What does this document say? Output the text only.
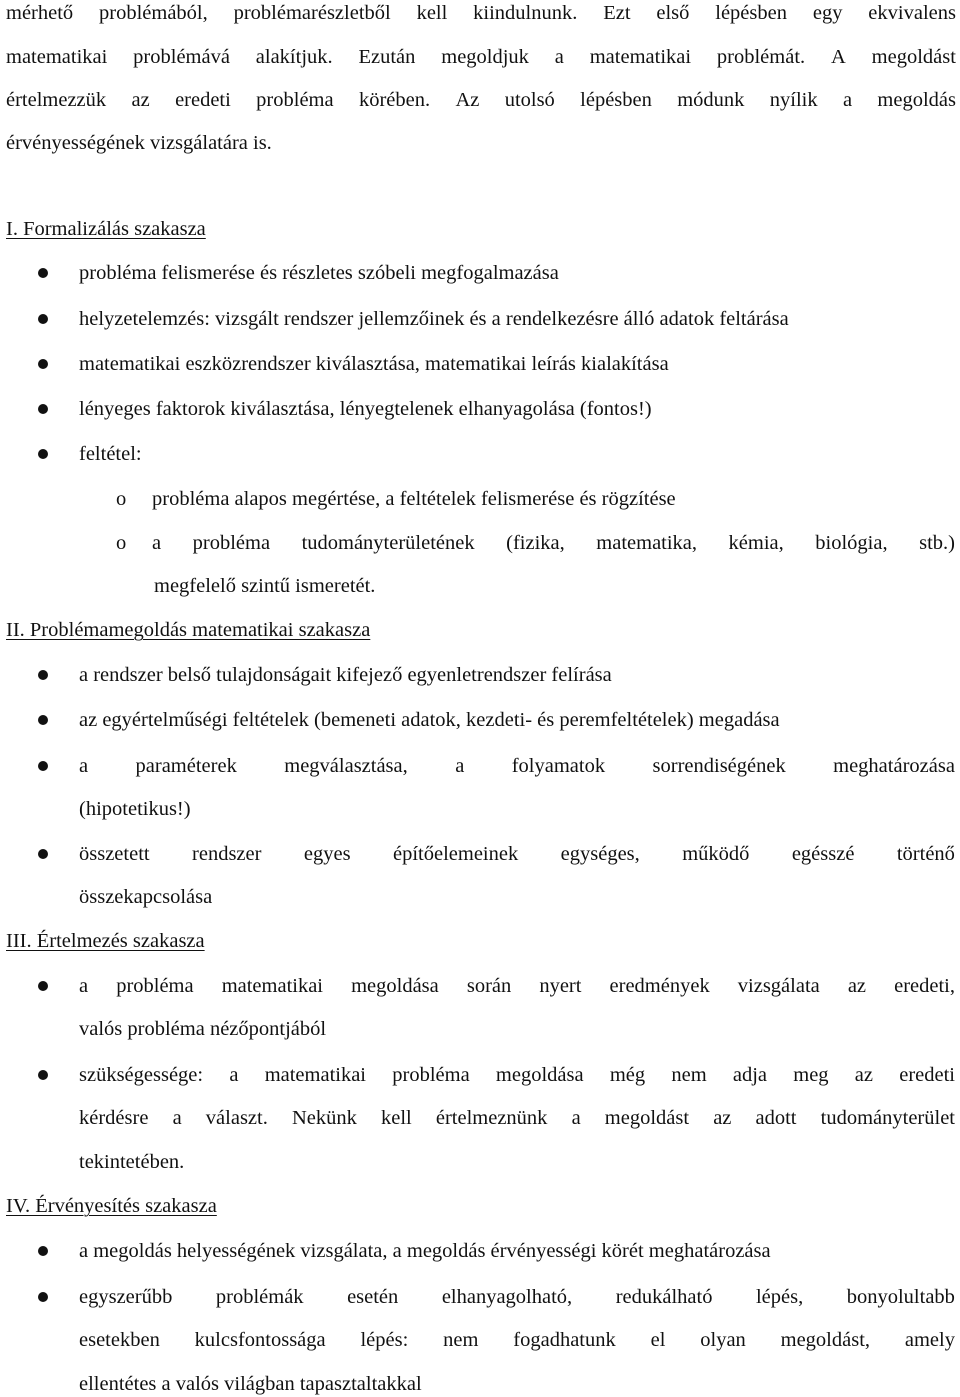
mérhető problémából, problémarészletből kell kiindulnunk. Ezt első lépésben egy ekvivalens
matematikai problémává alakítjuk. Ezután megoldjuk a matematikai problémát. A megoldást
értelmezzük az eredeti probléma körében. Az utolsó lépésben módunk nyílik a megoldás
érvényességének vizsgálatára is.
I. Formalizálás szakasza
probléma felismerése és részletes szóbeli megfogalmazása
helyzetelemzés: vizsgált rendszer jellemzőinek és a rendelkezésre álló adatok feltárása
matematikai eszközrendszer kiválasztása, matematikai leírás kialakítása
lényeges faktorok kiválasztása, lényegtelenek elhanyagolása (fontos!)
feltétel:
o probléma alapos megértése, a feltételek felismerése és rögzítése
o a probléma tudományterületének (fizika, matematika, kémia, biológia, stb.)
megfelelő szintű ismeretét.
II. Problémamegoldás matematikai szakasza
a rendszer belső tulajdonságait kifejező egyenletrendszer felírása
az egyértelműségi feltételek (bemeneti adatok, kezdeti- és peremfeltételek) megadása
a paraméterek megválasztása, a folyamatok sorrendiségének meghatározása
(hipotetikus!)
összetett rendszer egyes építőelemeinek egységes, működő egésszé történő
összekapcsolása
III. Értelmezés szakasza
a probléma matematikai megoldása során nyert eredmények vizsgálata az eredeti,
valós probléma nézőpontjából
szükségessége: a matematikai probléma megoldása még nem adja meg az eredeti
kérdésre a választ. Nekünk kell értelmeznünk a megoldást az adott tudományterület
tekintetében.
IV. Érvényesítés szakasza
a megoldás helyességének vizsgálata, a megoldás érvényességi körét meghatározása
egyszerűbb problémák esetén elhanyagolható, redukálható lépés, bonyolultabb
esetekben kulcsfontossága lépés: nem fogadhatunk el olyan megoldást, amely
ellentétes a valós világban tapasztaltakkal
